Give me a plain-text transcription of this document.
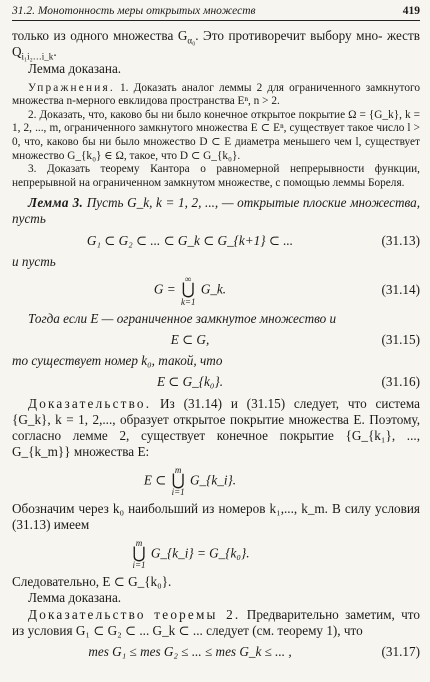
31.2. Монотонность меры открытых множеств	419

только из одного множества $G_{\alpha_0}$. Это противоречит выбору мно- жеств $Q_{i_1i_2\dots i\_k}$.

Лемма доказана.

Упражнения. 1. Доказать аналог леммы 2 для ограниченного замкнутого множества n-мерного евклидова пространства Eⁿ, n > 2.

2. Доказать, что, каково бы ни было конечное открытое покрытие Ω = {G_k}, k = 1, 2, ..., m, ограниченного замкнутого множества E ⊂ Eⁿ, существует такое число l > 0, что, каково бы ни было множество D ⊂ E диаметра меньшего чем l, существует множество G_{k₀} ∈ Ω, такое, что D ⊂ G_{k₀}.

3. Доказать теорему Кантора о равномерной непрерывности функции, непрерывной на ограниченном замкнутом множестве, с помощью леммы Бореля.

Лемма 3. Пусть G_k, k = 1, 2, ..., — открытые плоские множества, пусть

G₁ ⊂ G₂ ⊂ ... ⊂ G_k ⊂ G_{k+1} ⊂ ...	(31.13)

и пусть

G =
∞
⋃
k=1
G_k.	(31.14)

Тогда если E — ограниченное замкнутое множество и

E ⊂ G,	(31.15)

то существует номер k₀, такой, что

E ⊂ G_{k₀}.	(31.16)

Доказательство. Из (31.14) и (31.15) следует, что система {G_k}, k = 1, 2,..., образует открытое покрытие множества E. Поэтому, согласно лемме 2, существует конечное покрытие {G_{k₁}, ..., G_{k_m}} множества E:

E ⊂
m
⋃
i=1
G_{k_i}.

Обозначим через k₀ наибольший из номеров k₁,..., k_m. В силу условия (31.13) имеем

m
⋃
i=1
G_{k_i} = G_{k₀}.

Следовательно, E ⊂ G_{k₀}.

Лемма доказана.

Доказательство теоремы 2. Предварительно заметим, что из условия G₁ ⊂ G₂ ⊂ ... G_k ⊂ ... следует (см. теорему 1), что

mes G₁ ≤ mes G₂ ≤ ... ≤ mes G_k ≤ ... ,	(31.17)
